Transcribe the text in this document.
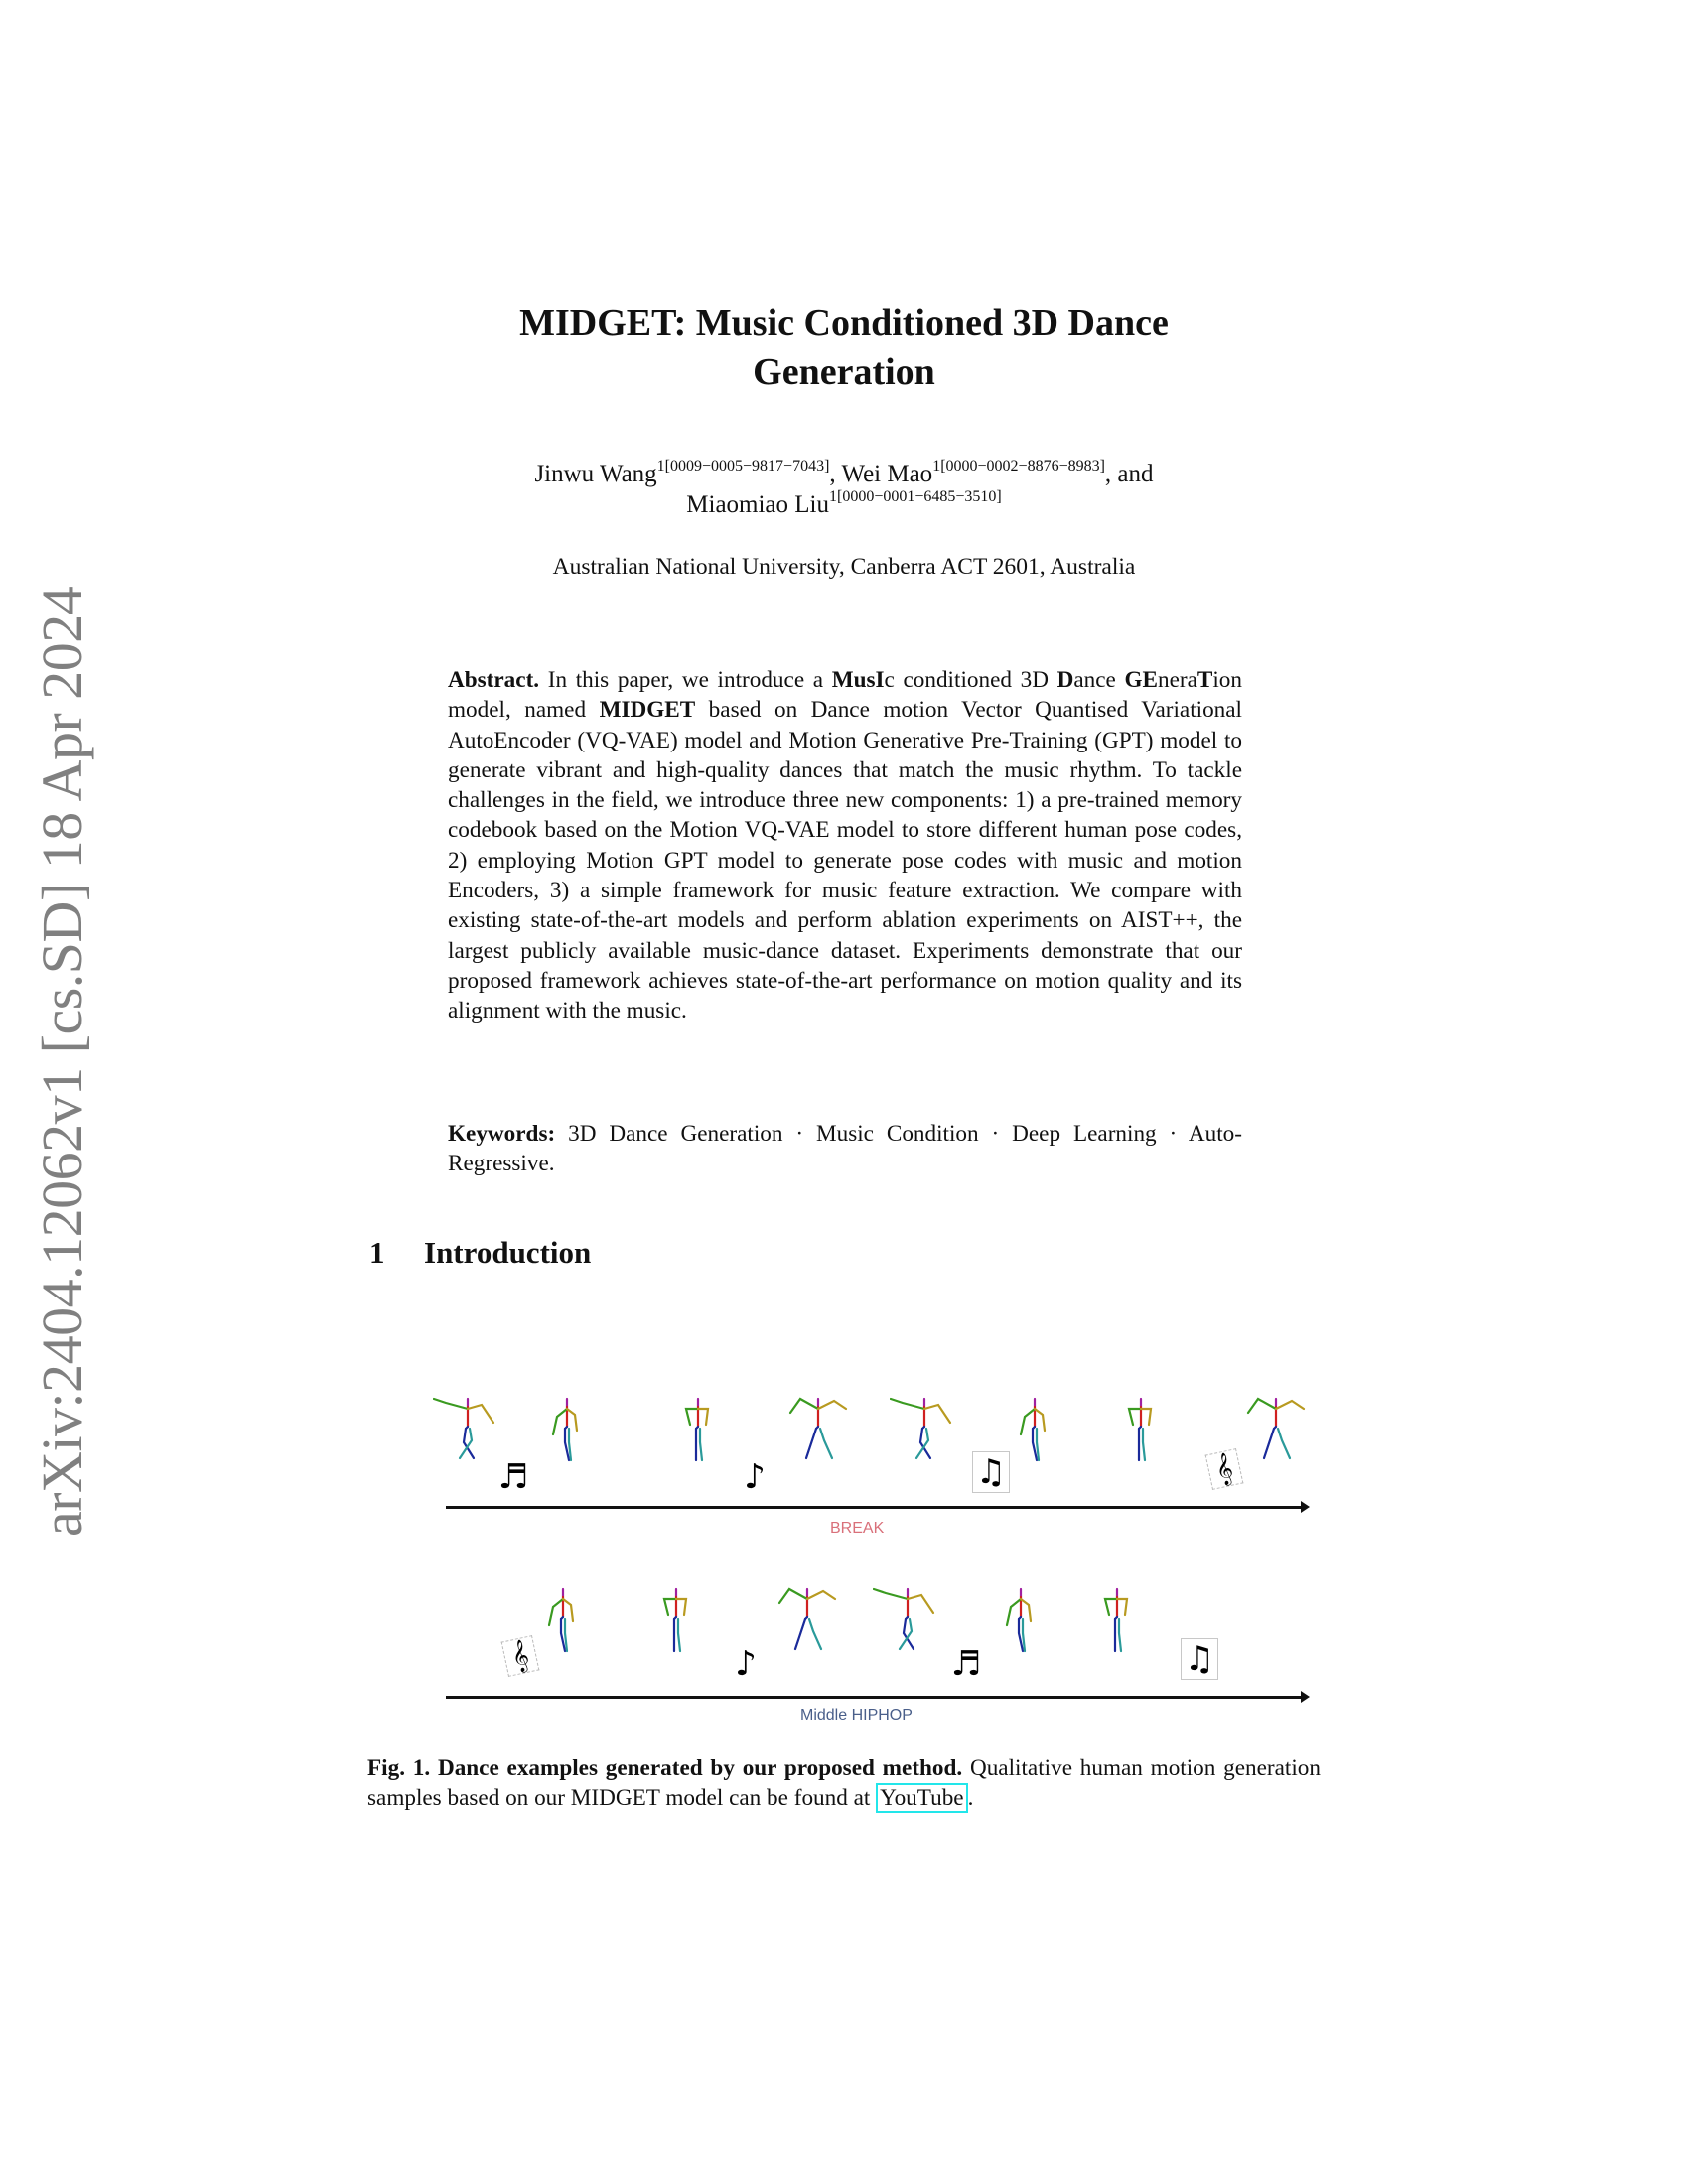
arXiv:2404.12062v1 [cs.SD] 18 Apr 2024
MIDGET: Music Conditioned 3D Dance
Generation
Jinwu Wang$^{1[0009-0005-9817-7043]}$, Wei Mao$^{1[0000-0002-8876-8983]}$, and
Miaomiao Liu$^{1[0000-0001-6485-3510]}$
Australian National University, Canberra ACT 2601, Australia
Abstract. In this paper, we introduce a MusIc conditioned 3D Dance GEneraTion model, named MIDGET based on Dance motion Vector Quantised Variational AutoEncoder (VQ-VAE) model and Motion Generative Pre-Training (GPT) model to generate vibrant and high-quality dances that match the music rhythm. To tackle challenges in the field, we introduce three new components: 1) a pre-trained memory codebook based on the Motion VQ-VAE model to store different human pose codes, 2) employing Motion GPT model to generate pose codes with music and motion Encoders, 3) a simple framework for music feature extraction. We compare with existing state-of-the-art models and perform ablation experiments on AIST++, the largest publicly available music-dance dataset. Experiments demonstrate that our proposed framework achieves state-of-the-art performance on motion quality and its alignment with the music.
Keywords: 3D Dance Generation · Music Condition · Deep Learning · Auto-Regressive.
1 Introduction
BREAK
Middle HIPHOP
♬	♪	♫	𝄞
𝄞	♪	♬	♫
Fig. 1. Dance examples generated by our proposed method. Qualitative human motion generation samples based on our MIDGET model can be found at YouTube .
